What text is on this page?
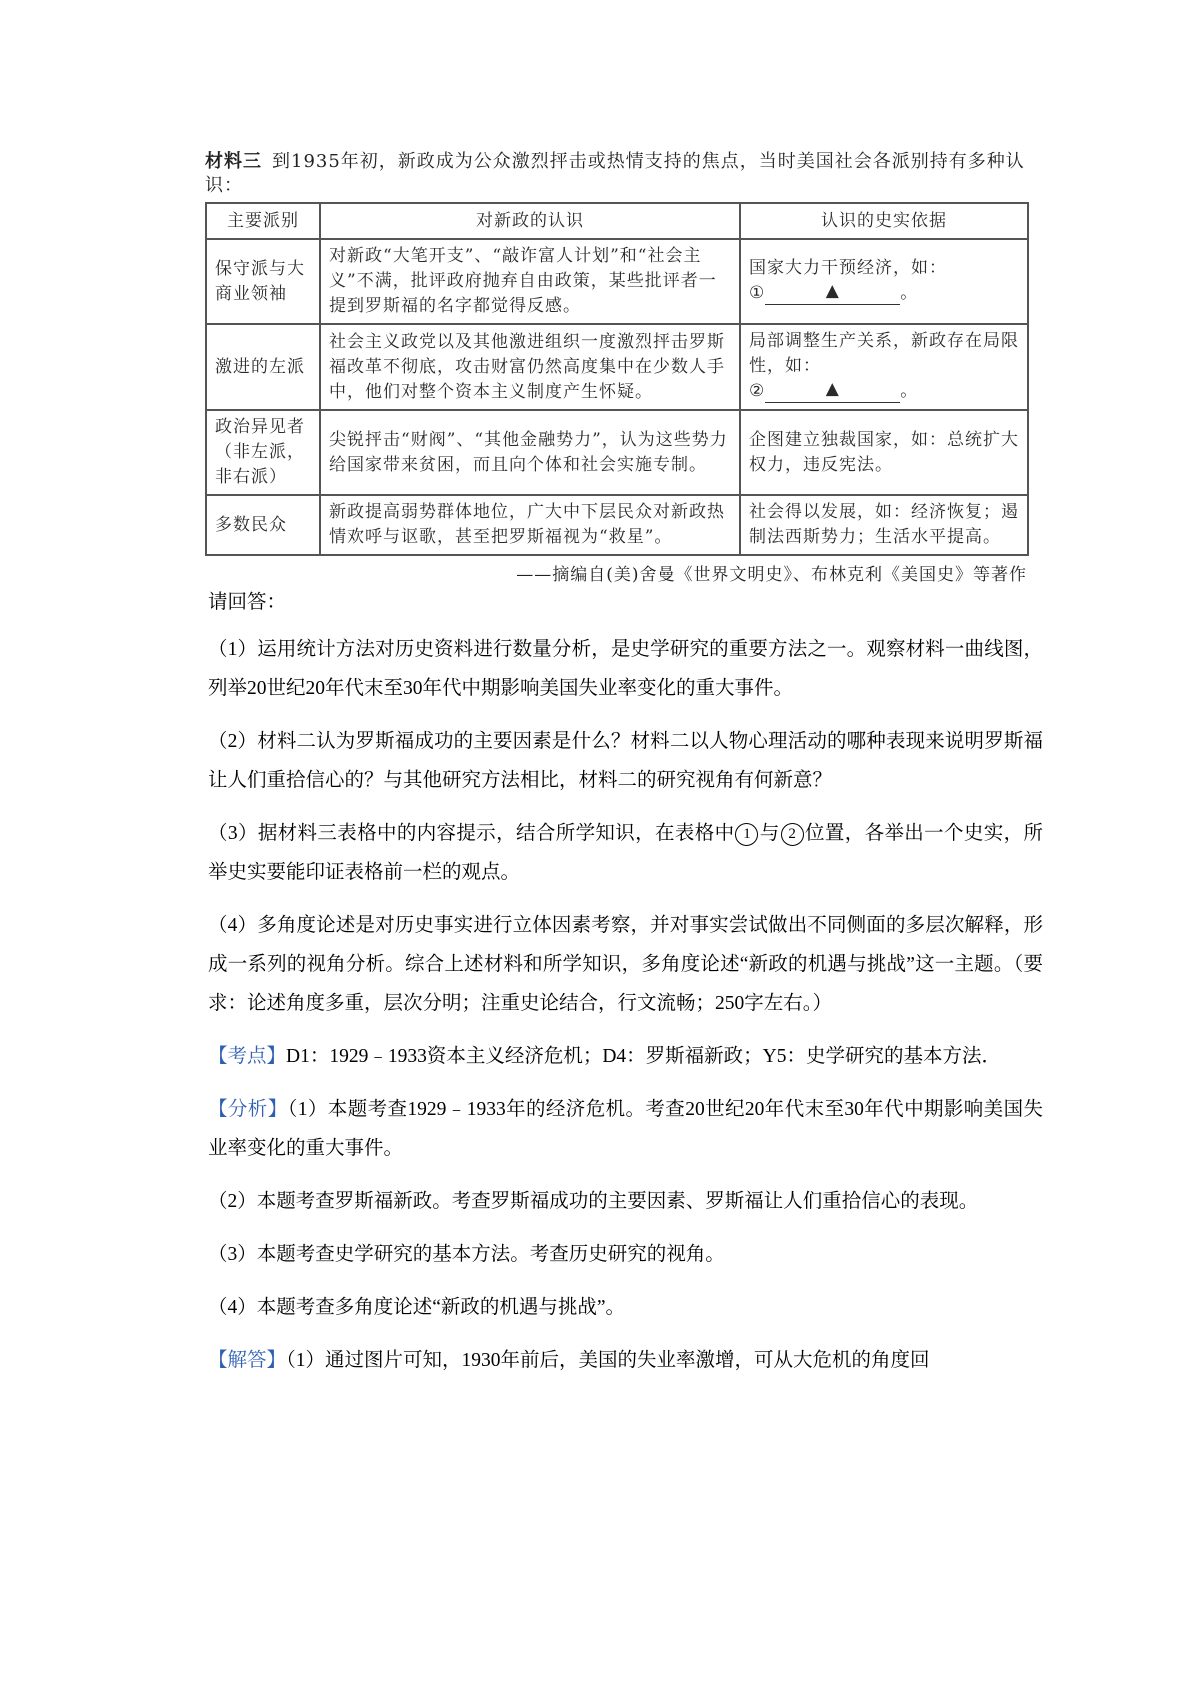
材料三 到1935年初，新政成为公众激烈抨击或热情支持的焦点，当时美国社会各派别持有多种认识：
主要派别	对新政的认识	认识的史实依据
保守派与大商业领袖	对新政“大笔开支”、“敲诈富人计划”和“社会主义”不满，批评政府抛弃自由政策，某些批评者一提到罗斯福的名字都觉得反感。	国家大力干预经济，如：
① ▲ 。
激进的左派	社会主义政党以及其他激进组织一度激烈抨击罗斯福改革不彻底，攻击财富仍然高度集中在少数人手中，他们对整个资本主义制度产生怀疑。	局部调整生产关系，新政存在局限性，如：
② ▲ 。
政治异见者（非左派，非右派）	尖锐抨击“财阀”、“其他金融势力”，认为这些势力给国家带来贫困，而且向个体和社会实施专制。	企图建立独裁国家，如：总统扩大权力，违反宪法。
多数民众	新政提高弱势群体地位，广大中下层民众对新政热情欢呼与讴歌，甚至把罗斯福视为“救星”。	社会得以发展，如：经济恢复；遏制法西斯势力；生活水平提高。
——摘编自(美)舍曼《世界文明史》、布林克利《美国史》等著作

请回答：

（1）运用统计方法对历史资料进行数量分析，是史学研究的重要方法之一。观察材料一曲线图，列举20世纪20年代末至30年代中期影响美国失业率变化的重大事件。

（2）材料二认为罗斯福成功的主要因素是什么？材料二以人物心理活动的哪种表现来说明罗斯福让人们重拾信心的？与其他研究方法相比，材料二的研究视角有何新意？

（3）据材料三表格中的内容提示，结合所学知识，在表格中 1 与 2 位置，各举出一个史实，所举史实要能印证表格前一栏的观点。

（4）多角度论述是对历史事实进行立体因素考察，并对事实尝试做出不同侧面的多层次解释，形成一系列的视角分析。综合上述材料和所学知识，多角度论述“新政的机遇与挑战”这一主题。（要求：论述角度多重，层次分明；注重史论结合，行文流畅；250字左右。）

【考点】D1：1929﹣1933资本主义经济危机；D4：罗斯福新政；Y5：史学研究的基本方法．

【分析】（1）本题考查1929﹣1933年的经济危机。考查20世纪20年代末至30年代中期影响美国失业率变化的重大事件。

（2）本题考查罗斯福新政。考查罗斯福成功的主要因素、罗斯福让人们重拾信心的表现。

（3）本题考查史学研究的基本方法。考查历史研究的视角。

（4）本题考查多角度论述“新政的机遇与挑战”。

【解答】（1）通过图片可知，1930年前后，美国的失业率激增，可从大危机的角度回
